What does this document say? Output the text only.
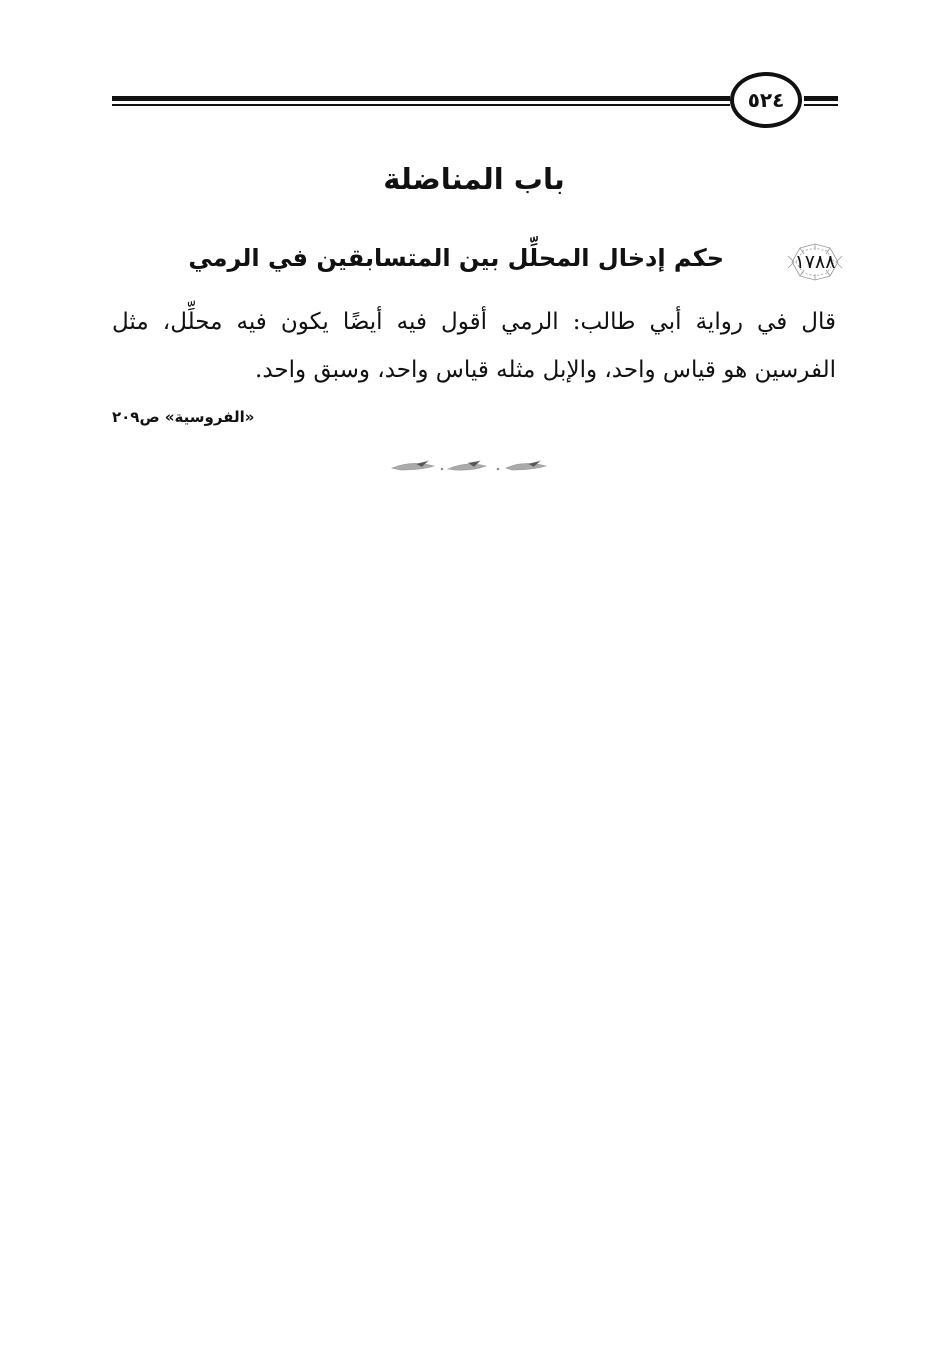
٥٢٤
باب المناضلة
١٧٨٨
حكم إدخال المحلِّل بين المتسابقين في الرمي
قال في رواية أبي طالب: الرمي أقول فيه أيضًا يكون فيه محلِّل، مثل الفرسين هو قياس واحد، والإبل مثله قياس واحد، وسبق واحد.
«الفروسية» ص٢٠٩
